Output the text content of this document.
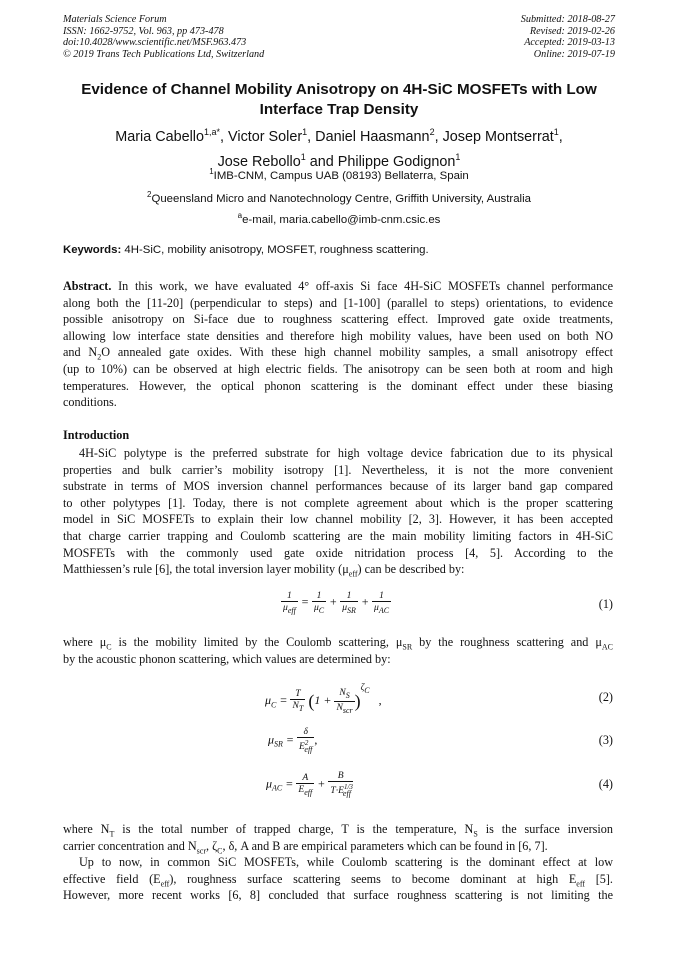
Materials Science Forum
ISSN: 1662-9752, Vol. 963, pp 473-478
doi:10.4028/www.scientific.net/MSF.963.473
© 2019 Trans Tech Publications Ltd, Switzerland
Submitted: 2018-08-27
Revised: 2019-02-26
Accepted: 2019-03-13
Online: 2019-07-19
Evidence of Channel Mobility Anisotropy on 4H-SiC MOSFETs with Low
Interface Trap Density
Maria Cabello$^{1,a*}$, Victor Soler$^1$, Daniel Haasmann$^2$, Josep Montserrat$^1$,
Jose Rebollo$^1$ and Philippe Godignon$^1$
$^1$IMB-CNM, Campus UAB (08193) Bellaterra, Spain
$^2$Queensland Micro and Nanotechnology Centre, Griffith University, Australia
$^a$e-mail, maria.cabello@imb-cnm.csic.es
Keywords: 4H-SiC, mobility anisotropy, MOSFET, roughness scattering.
Abstract. In this work, we have evaluated 4° off-axis Si face 4H-SiC MOSFETs channel performance
along both the [11-20] (perpendicular to steps) and [1-100] (parallel to steps) orientations, to evidence
possible anisotropy on Si-face due to roughness scattering effect. Improved gate oxide treatments,
allowing low interface state densities and therefore high mobility values, have been used on both NO
and $N_2O$ annealed gate oxides. With these high channel mobility samples, a small anisotropy effect
(up to 10%) can be observed at high electric fields. The anisotropy can be seen both at room and high
temperatures. However, the optical phonon scattering is the dominant effect under these biasing
conditions.
Introduction
4H-SiC polytype is the preferred substrate for high voltage device fabrication due to its physical
properties and bulk carrier’s mobility isotropy [1]. Nevertheless, it is not the more convenient
substrate in terms of MOS inversion channel performances because of its larger band gap compared
to other polytypes [1]. Today, there is not complete agreement about which is the proper scattering
model in SiC MOSFETs to explain their low channel mobility [2, 3]. However, it has been accepted
that charge carrier trapping and Coulomb scattering are the main mobility limiting factors in 4H-SiC
MOSFETs with the commonly used gate oxide nitridation process [4, 5]. According to the
Matthiessen’s rule [6], the total inversion layer mobility $(\mu_{eff})$ can be described by:
$\frac{1}{\mu_{eff}} = \frac{1}{\mu_C} + \frac{1}{\mu_{SR}} + \frac{1}{\mu_{AC}}$	(1)
where $\mu_C$ is the mobility limited by the Coulomb scattering, $\mu_{SR}$ by the roughness scattering and $\mu_{AC}$
by the acoustic phonon scattering, which values are determined by:
$\mu_C = \frac{T}{N_T} (1 + \frac{N_S}{N_{scr}} )^{\zeta_C}$   ,	(2)
$\mu_{SR} = \frac{\delta}{E^2_{eff}}$ ,	(3)
$\mu_{AC} = \frac{A}{E_{eff}} + \frac{B}{T\cdot E^{1/3}_{eff}}$	(4)
where $N_T$ is the total number of trapped charge, T is the temperature, $N_S$ is the surface inversion
carrier concentration and $N_{scr}$, $\zeta_C$, δ, A and B are empirical parameters which can be found in [6, 7].
Up to now, in common SiC MOSFETs, while Coulomb scattering is the dominant effect at low
effective field $(E_{eff})$, roughness surface scattering seems to become dominant at high $E_{eff}$ [5].
However, more recent works [6, 8] concluded that surface roughness scattering is not limiting the
